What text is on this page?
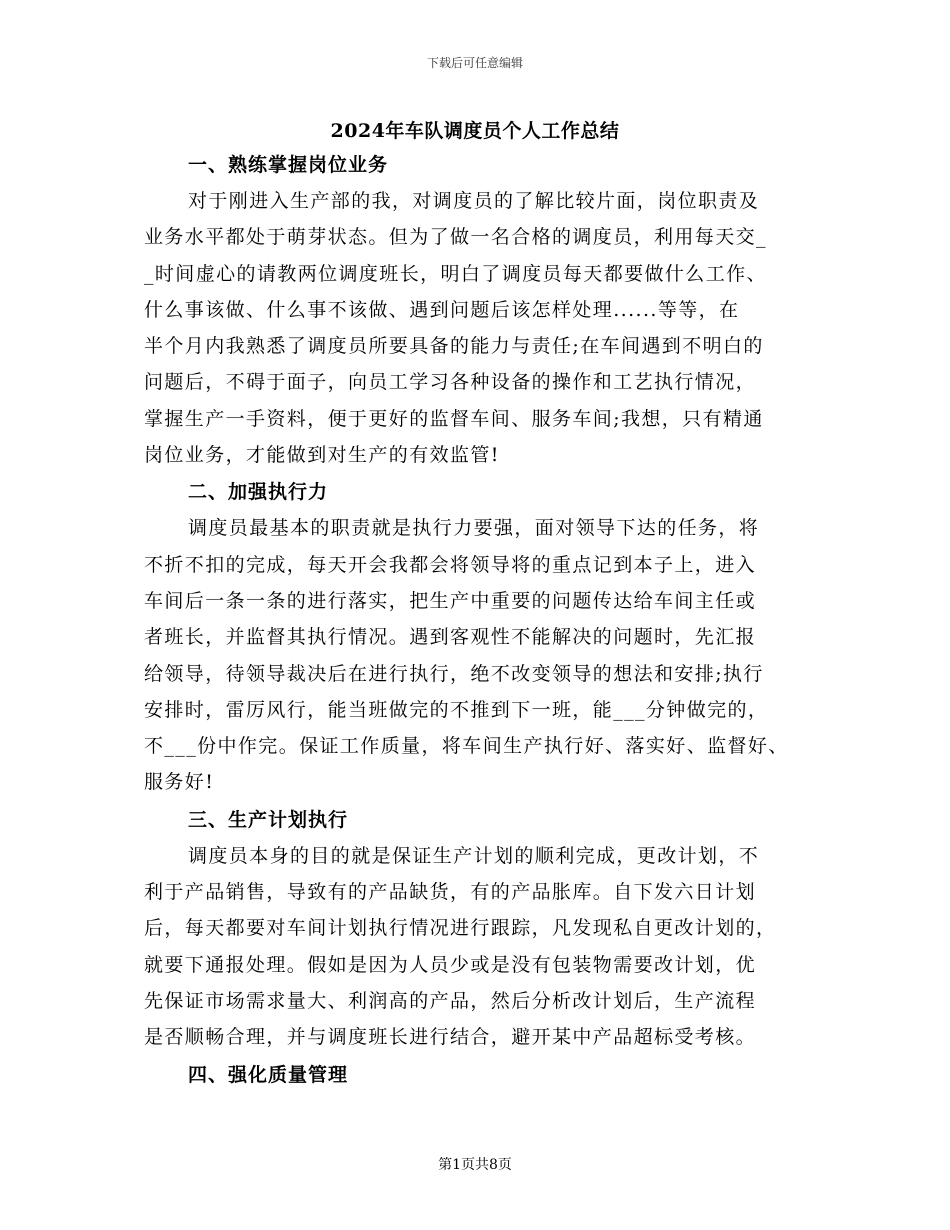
下载后可任意编辑
2024年车队调度员个人工作总结
一、熟练掌握岗位业务
对于刚进入生产部的我，对调度员的了解比较片面，岗位职责及
业务水平都处于萌芽状态。但为了做一名合格的调度员，利用每天交_
_时间虚心的请教两位调度班长，明白了调度员每天都要做什么工作、
什么事该做、什么事不该做、遇到问题后该怎样处理......等等，在
半个月内我熟悉了调度员所要具备的能力与责任;在车间遇到不明白的
问题后，不碍于面子，向员工学习各种设备的操作和工艺执行情况，
掌握生产一手资料，便于更好的监督车间、服务车间;我想，只有精通
岗位业务，才能做到对生产的有效监管!
二、加强执行力
调度员最基本的职责就是执行力要强，面对领导下达的任务，将
不折不扣的完成，每天开会我都会将领导将的重点记到本子上，进入
车间后一条一条的进行落实，把生产中重要的问题传达给车间主任或
者班长，并监督其执行情况。遇到客观性不能解决的问题时，先汇报
给领导，待领导裁决后在进行执行，绝不改变领导的想法和安排;执行
安排时，雷厉风行，能当班做完的不推到下一班，能___分钟做完的，
不___份中作完。保证工作质量，将车间生产执行好、落实好、监督好、
服务好!
三、生产计划执行
调度员本身的目的就是保证生产计划的顺利完成，更改计划，不
利于产品销售，导致有的产品缺货，有的产品胀库。自下发六日计划
后，每天都要对车间计划执行情况进行跟踪，凡发现私自更改计划的，
就要下通报处理。假如是因为人员少或是没有包装物需要改计划，优
先保证市场需求量大、利润高的产品，然后分析改计划后，生产流程
是否顺畅合理，并与调度班长进行结合，避开某中产品超标受考核。
四、强化质量管理
第1页共8页
